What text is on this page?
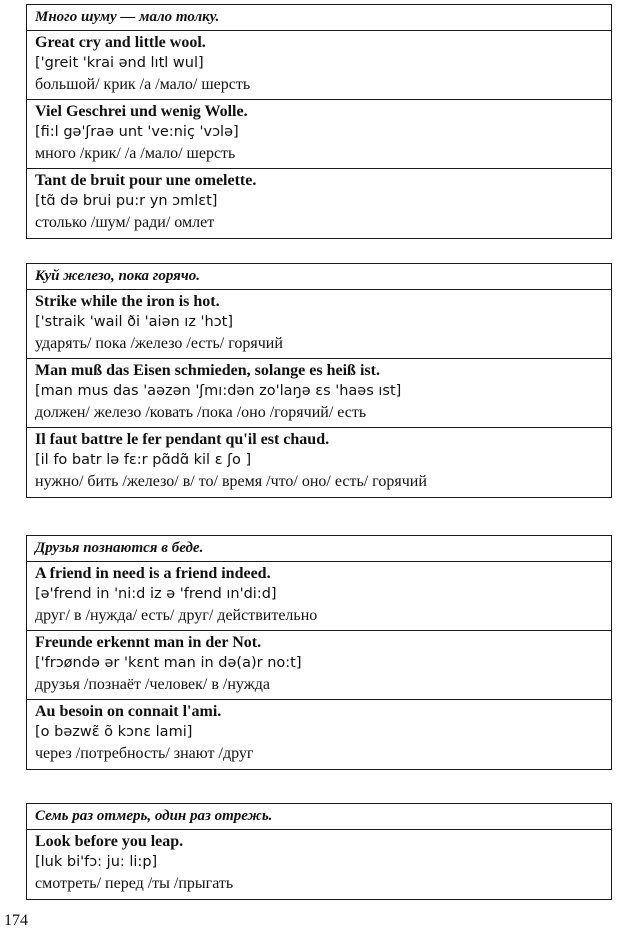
Много шуму — мало толку.
Great cry and little wool.
['greit 'krai ənd lıtl wul]
большой/ крик /а /мало/ шерсть
Viel Geschrei und wenig Wolle.
[fi:l gə'ʃraə unt 've:niç 'vɔlə]
много /крик/ /а /мало/ шерсть
Tant de bruit pour une omelette.
[tɑ̃ də brui pu:r yn ɔmlɛt]
столько /шум/ ради/ омлет
Куй железо, пока горячо.
Strike while the iron is hot.
['straik 'wail ði 'aiən ız 'hɔt]
ударять/ пока /железо /есть/ горячий
Man muß das Eisen schmieden, solange es heiß ist.
[man mus das 'aəzən 'ʃmı:dən zo'laŋə ɛs 'haəs ıst]
должен/ железо /ковать /пока /оно /горячий/ есть
Il faut battre le fer pendant qu'il est chaud.
[il fo batr lə fɛ:r pɑ̃dɑ̃ kil ɛ ʃo ]
нужно/ бить /железо/ в/ то/ время /что/ оно/ есть/ горячий
Друзья познаются в беде.
A friend in need is a friend indeed.
[ə'frend in 'ni:d iz ə 'frend ın'di:d]
друг/ в /нужда/ есть/ друг/ действительно
Freunde erkennt man in der Not.
['frɔøndə ər 'kɛnt man in də(a)r no:t]
друзья /познаёт /человек/ в /нужда
Au besoin on connait l'ami.
[o bəzwɛ̃ õ kɔnɛ lami]
через /потребность/ знают /друг
Семь раз отмерь, один раз отрежь.
Look before you leap.
[luk bi'fɔ: ju: li:p]
смотреть/ перед /ты /прыгать
174
